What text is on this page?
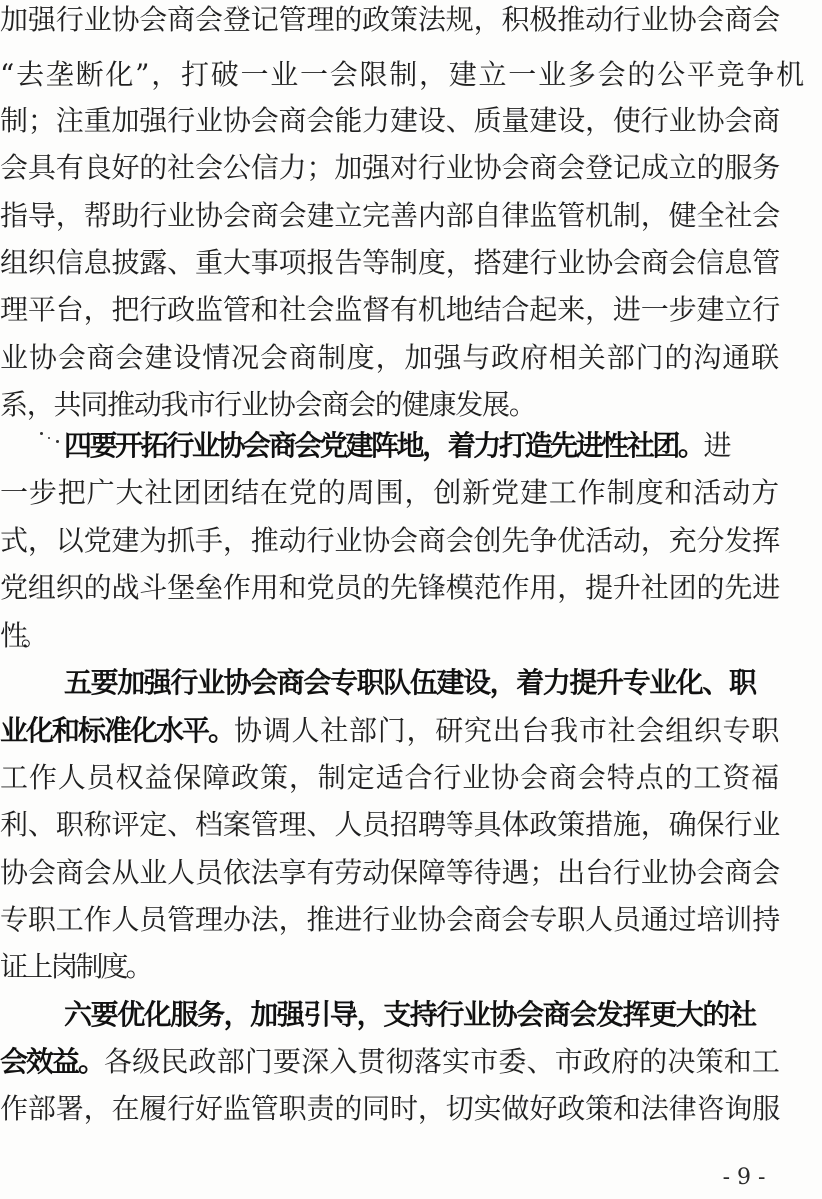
加强行业协会商会登记管理的政策法规，积极推动行业协会商会
“去垄断化”，打破一业一会限制，建立一业多会的公平竞争机
制；注重加强行业协会商会能力建设、质量建设，使行业协会商
会具有良好的社会公信力；加强对行业协会商会登记成立的服务
指导，帮助行业协会商会建立完善内部自律监管机制，健全社会
组织信息披露、重大事项报告等制度，搭建行业协会商会信息管
理平台，把行政监管和社会监督有机地结合起来，进一步建立行
业协会商会建设情况会商制度，加强与政府相关部门的沟通联
系，共同推动我市行业协会商会的健康发展。
四要开拓行业协会商会党建阵地，着力打造先进性社团。进
一步把广大社团团结在党的周围，创新党建工作制度和活动方
式，以党建为抓手，推动行业协会商会创先争优活动，充分发挥
党组织的战斗堡垒作用和党员的先锋模范作用，提升社团的先进
性。
五要加强行业协会商会专职队伍建设，着力提升专业化、职
业化和标准化水平。协调人社部门，研究出台我市社会组织专职
工作人员权益保障政策，制定适合行业协会商会特点的工资福
利、职称评定、档案管理、人员招聘等具体政策措施，确保行业
协会商会从业人员依法享有劳动保障等待遇；出台行业协会商会
专职工作人员管理办法，推进行业协会商会专职人员通过培训持
证上岗制度。
六要优化服务，加强引导，支持行业协会商会发挥更大的社
会效益。各级民政部门要深入贯彻落实市委、市政府的决策和工
作部署，在履行好监管职责的同时，切实做好政策和法律咨询服
- 9 -
